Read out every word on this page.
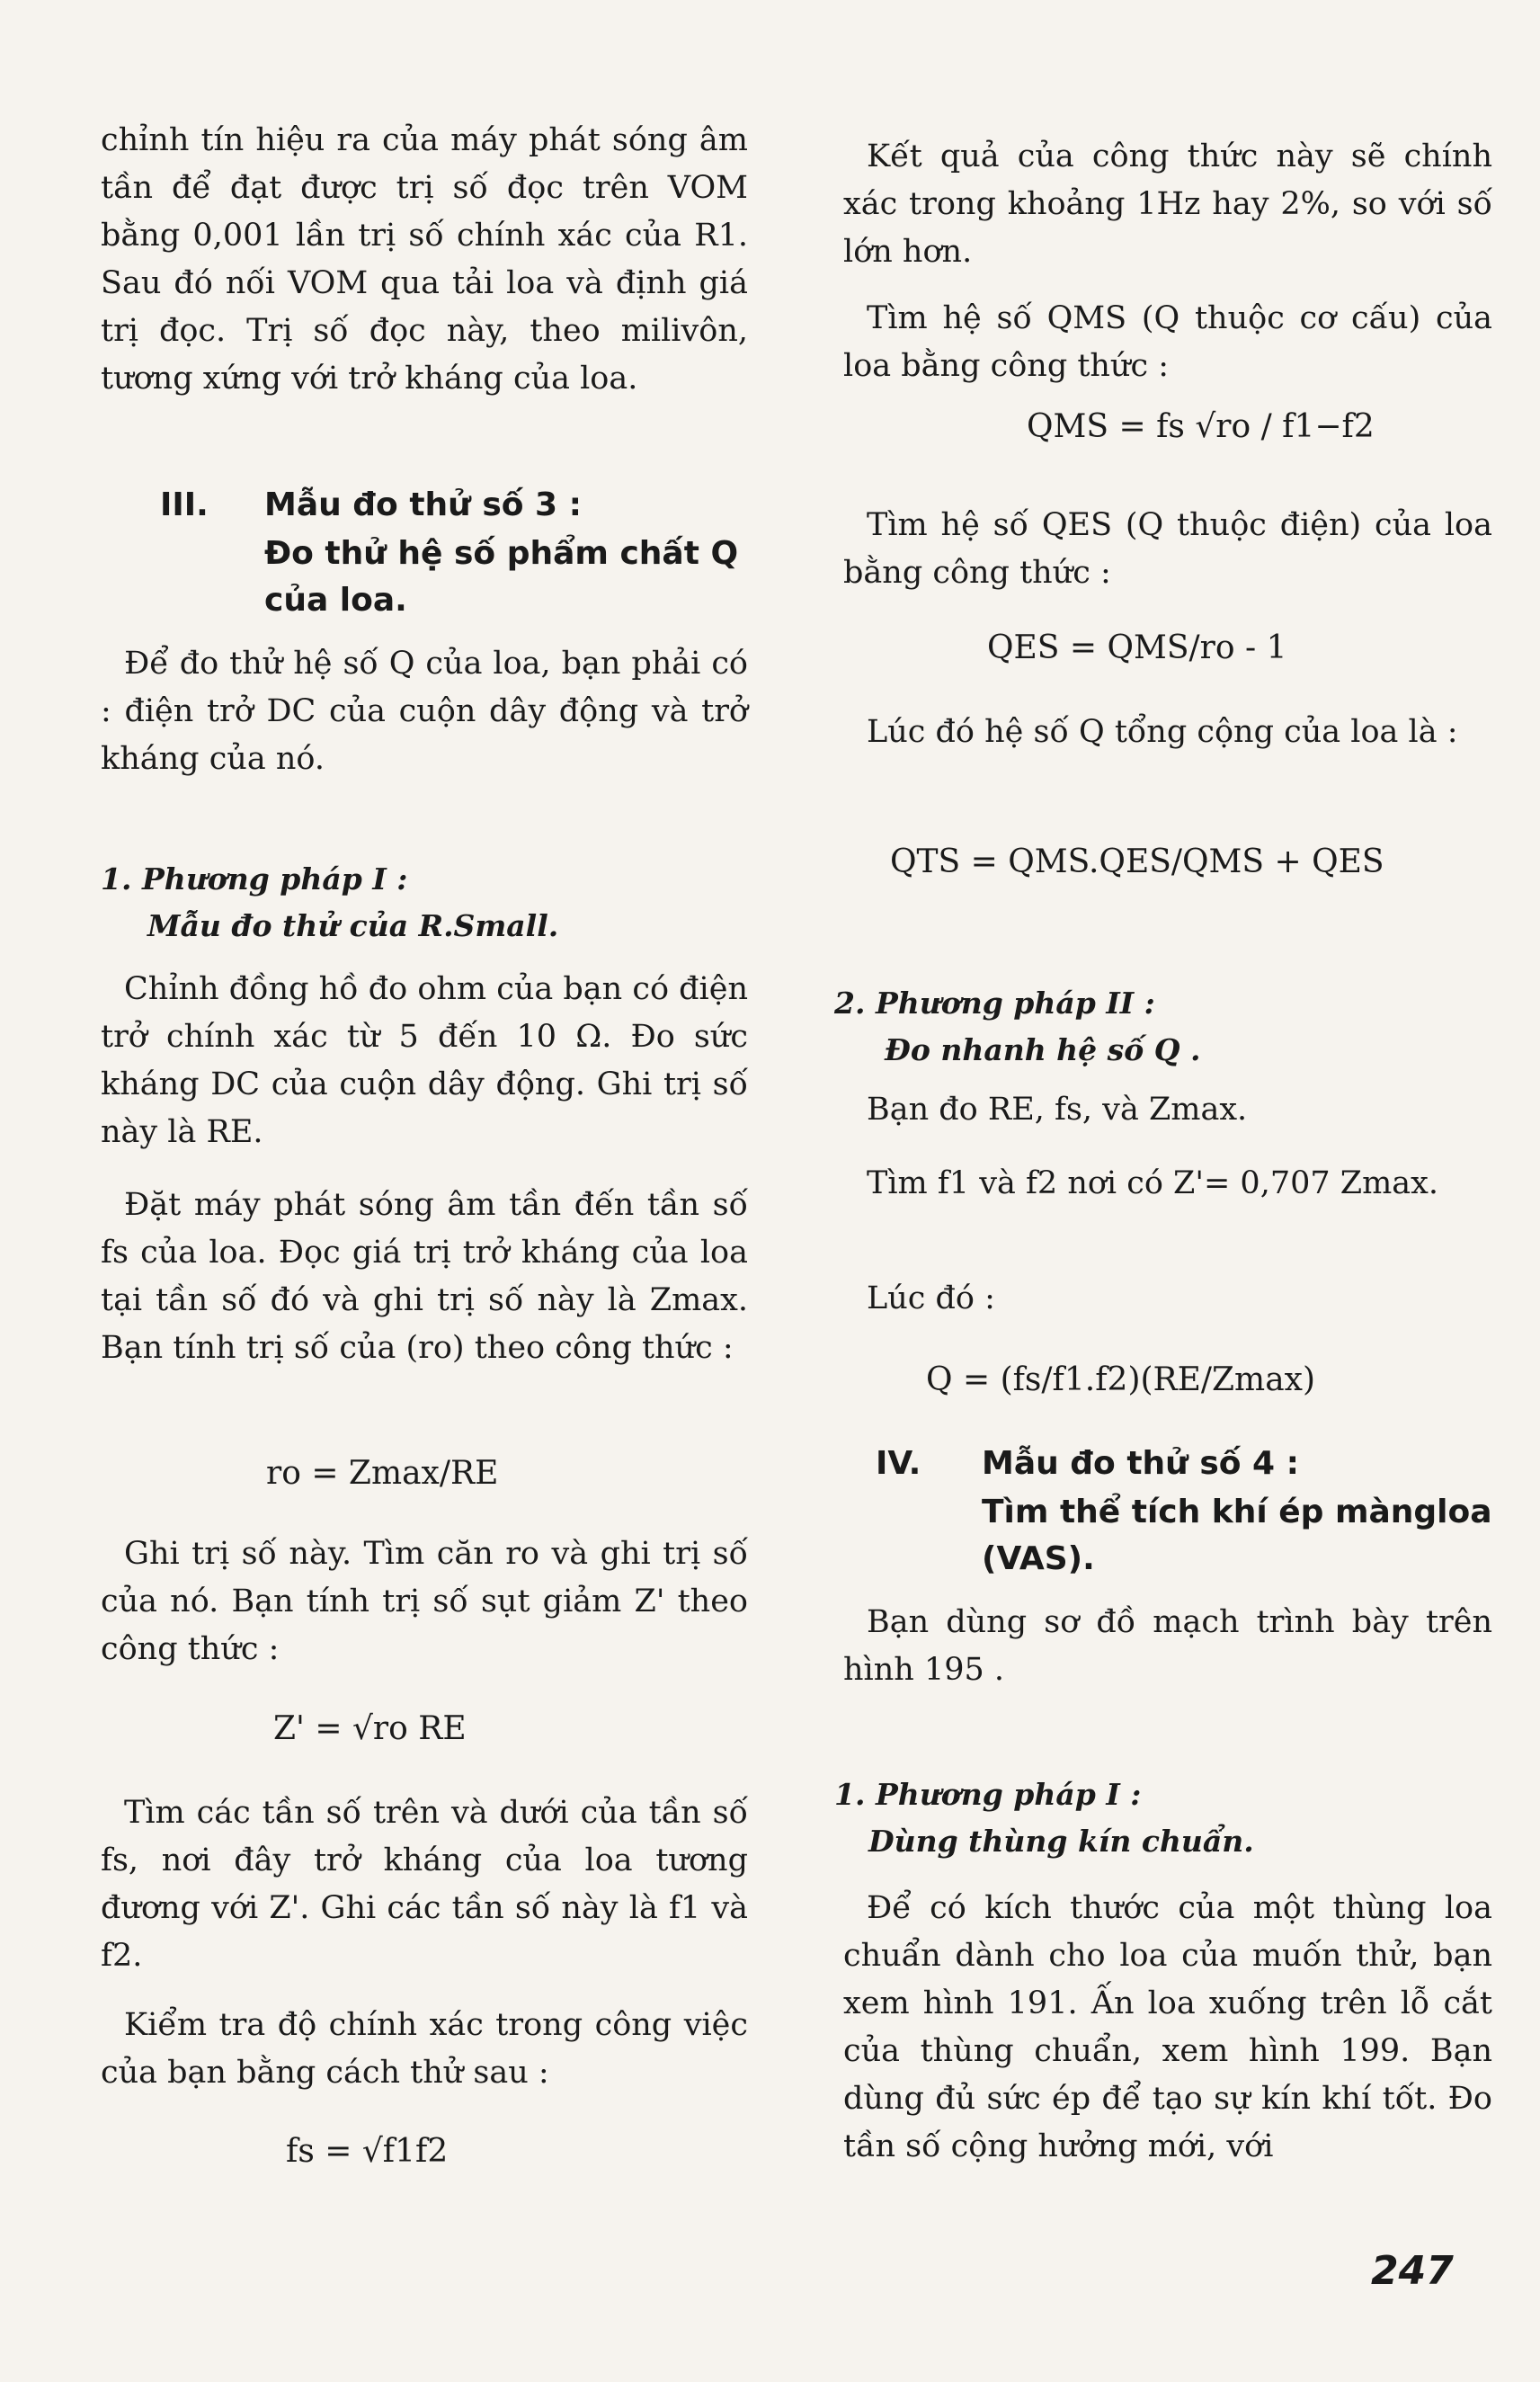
chỉnh tín hiệu ra của máy phát sóng âm tần để đạt được trị số đọc trên VOM bằng 0,001 lần trị số chính xác của R1. Sau đó nối VOM qua tải loa và định giá trị đọc. Trị số đọc này, theo milivôn, tương xứng với trở kháng của loa.

III. Mẫu đo thử số 3 :
Đo thử hệ số phẩm chất Q
của loa.

Để đo thử hệ số Q của loa, bạn phải có : điện trở DC của cuộn dây động và trở kháng của nó.

1. Phương pháp I :
Mẫu đo thử của R.Small.

Chỉnh đồng hồ đo ohm của bạn có điện trở chính xác từ 5 đến 10 Ω. Đo sức kháng DC của cuộn dây động. Ghi trị số này là RE.

Đặt máy phát sóng âm tần đến tần số fs của loa. Đọc giá trị trở kháng của loa tại tần số đó và ghi trị số này là Zmax. Bạn tính trị số của (ro) theo công thức :

ro = Zmax/RE

Ghi trị số này. Tìm căn ro và ghi trị số của nó. Bạn tính trị số sụt giảm Z' theo công thức :

Z' = √ro RE

Tìm các tần số trên và dưới của tần số fs, nơi đây trở kháng của loa tương đương với Z'. Ghi các tần số này là f1 và f2.

Kiểm tra độ chính xác trong công việc của bạn bằng cách thử sau :

fs = √f1f2

Kết quả của công thức này sẽ chính xác trong khoảng 1Hz hay 2%, so với số lớn hơn.

Tìm hệ số QMS (Q thuộc cơ cấu) của loa bằng công thức :

QMS = fs √ro / f1−f2

Tìm hệ số QES (Q thuộc điện) của loa bằng công thức :

QES = QMS/ro - 1

Lúc đó hệ số Q tổng cộng của loa là :

QTS = QMS.QES/QMS + QES
2. Phương pháp II :
Đo nhanh hệ số Q .

Bạn đo RE, fs, và Zmax.

Tìm f1 và f2 nơi có Z'= 0,707 Zmax.

Lúc đó :

Q = (fs/f1.f2)(RE/Zmax)
IV. Mẫu đo thử số 4 :
Tìm thể tích khí ép màngloa
(VAS).

Bạn dùng sơ đồ mạch trình bày trên hình 195 .

1. Phương pháp I :
Dùng thùng kín chuẩn.

Để có kích thước của một thùng loa chuẩn dành cho loa của muốn thử, bạn xem hình 191. Ấn loa xuống trên lỗ cắt của thùng chuẩn, xem hình 199. Bạn dùng đủ sức ép để tạo sự kín khí tốt. Đo tần số cộng hưởng mới, với

247
